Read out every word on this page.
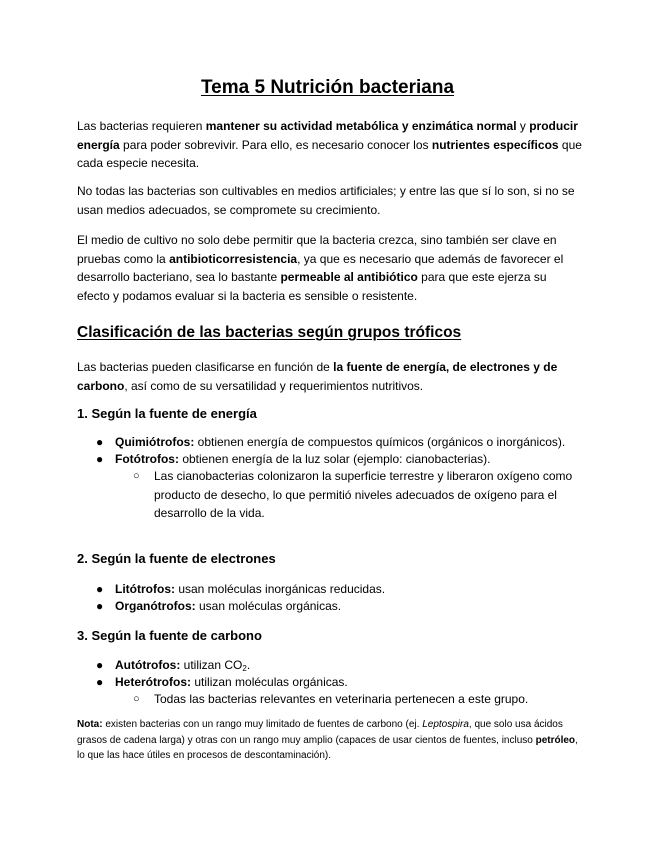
Tema 5 Nutrición bacteriana

Las bacterias requieren mantener su actividad metabólica y enzimática normal y producir energía para poder sobrevivir. Para ello, es necesario conocer los nutrientes específicos que cada especie necesita.

No todas las bacterias son cultivables en medios artificiales; y entre las que sí lo son, si no se usan medios adecuados, se compromete su crecimiento.

El medio de cultivo no solo debe permitir que la bacteria crezca, sino también ser clave en pruebas como la antibioticorresistencia, ya que es necesario que además de favorecer el desarrollo bacteriano, sea lo bastante permeable al antibiótico para que este ejerza su efecto y podamos evaluar si la bacteria es sensible o resistente.

Clasificación de las bacterias según grupos tróficos

Las bacterias pueden clasificarse en función de la fuente de energía, de electrones y de carbono, así como de su versatilidad y requerimientos nutritivos.

1. Según la fuente de energía
● Quimiótrofos: obtienen energía de compuestos químicos (orgánicos o inorgánicos).
● Fotótrofos: obtienen energía de la luz solar (ejemplo: cianobacterias).
○ Las cianobacterias colonizaron la superficie terrestre y liberaron oxígeno como producto de desecho, lo que permitió niveles adecuados de oxígeno para el desarrollo de la vida.
2. Según la fuente de electrones
● Litótrofos: usan moléculas inorgánicas reducidas.
● Organótrofos: usan moléculas orgánicas.
3. Según la fuente de carbono
● Autótrofos: utilizan $CO_2$.
● Heterótrofos: utilizan moléculas orgánicas.
○ Todas las bacterias relevantes en veterinaria pertenecen a este grupo.

Nota: existen bacterias con un rango muy limitado de fuentes de carbono (ej. Leptospira, que solo usa ácidos grasos de cadena larga) y otras con un rango muy amplio (capaces de usar cientos de fuentes, incluso petróleo, lo que las hace útiles en procesos de descontaminación).
